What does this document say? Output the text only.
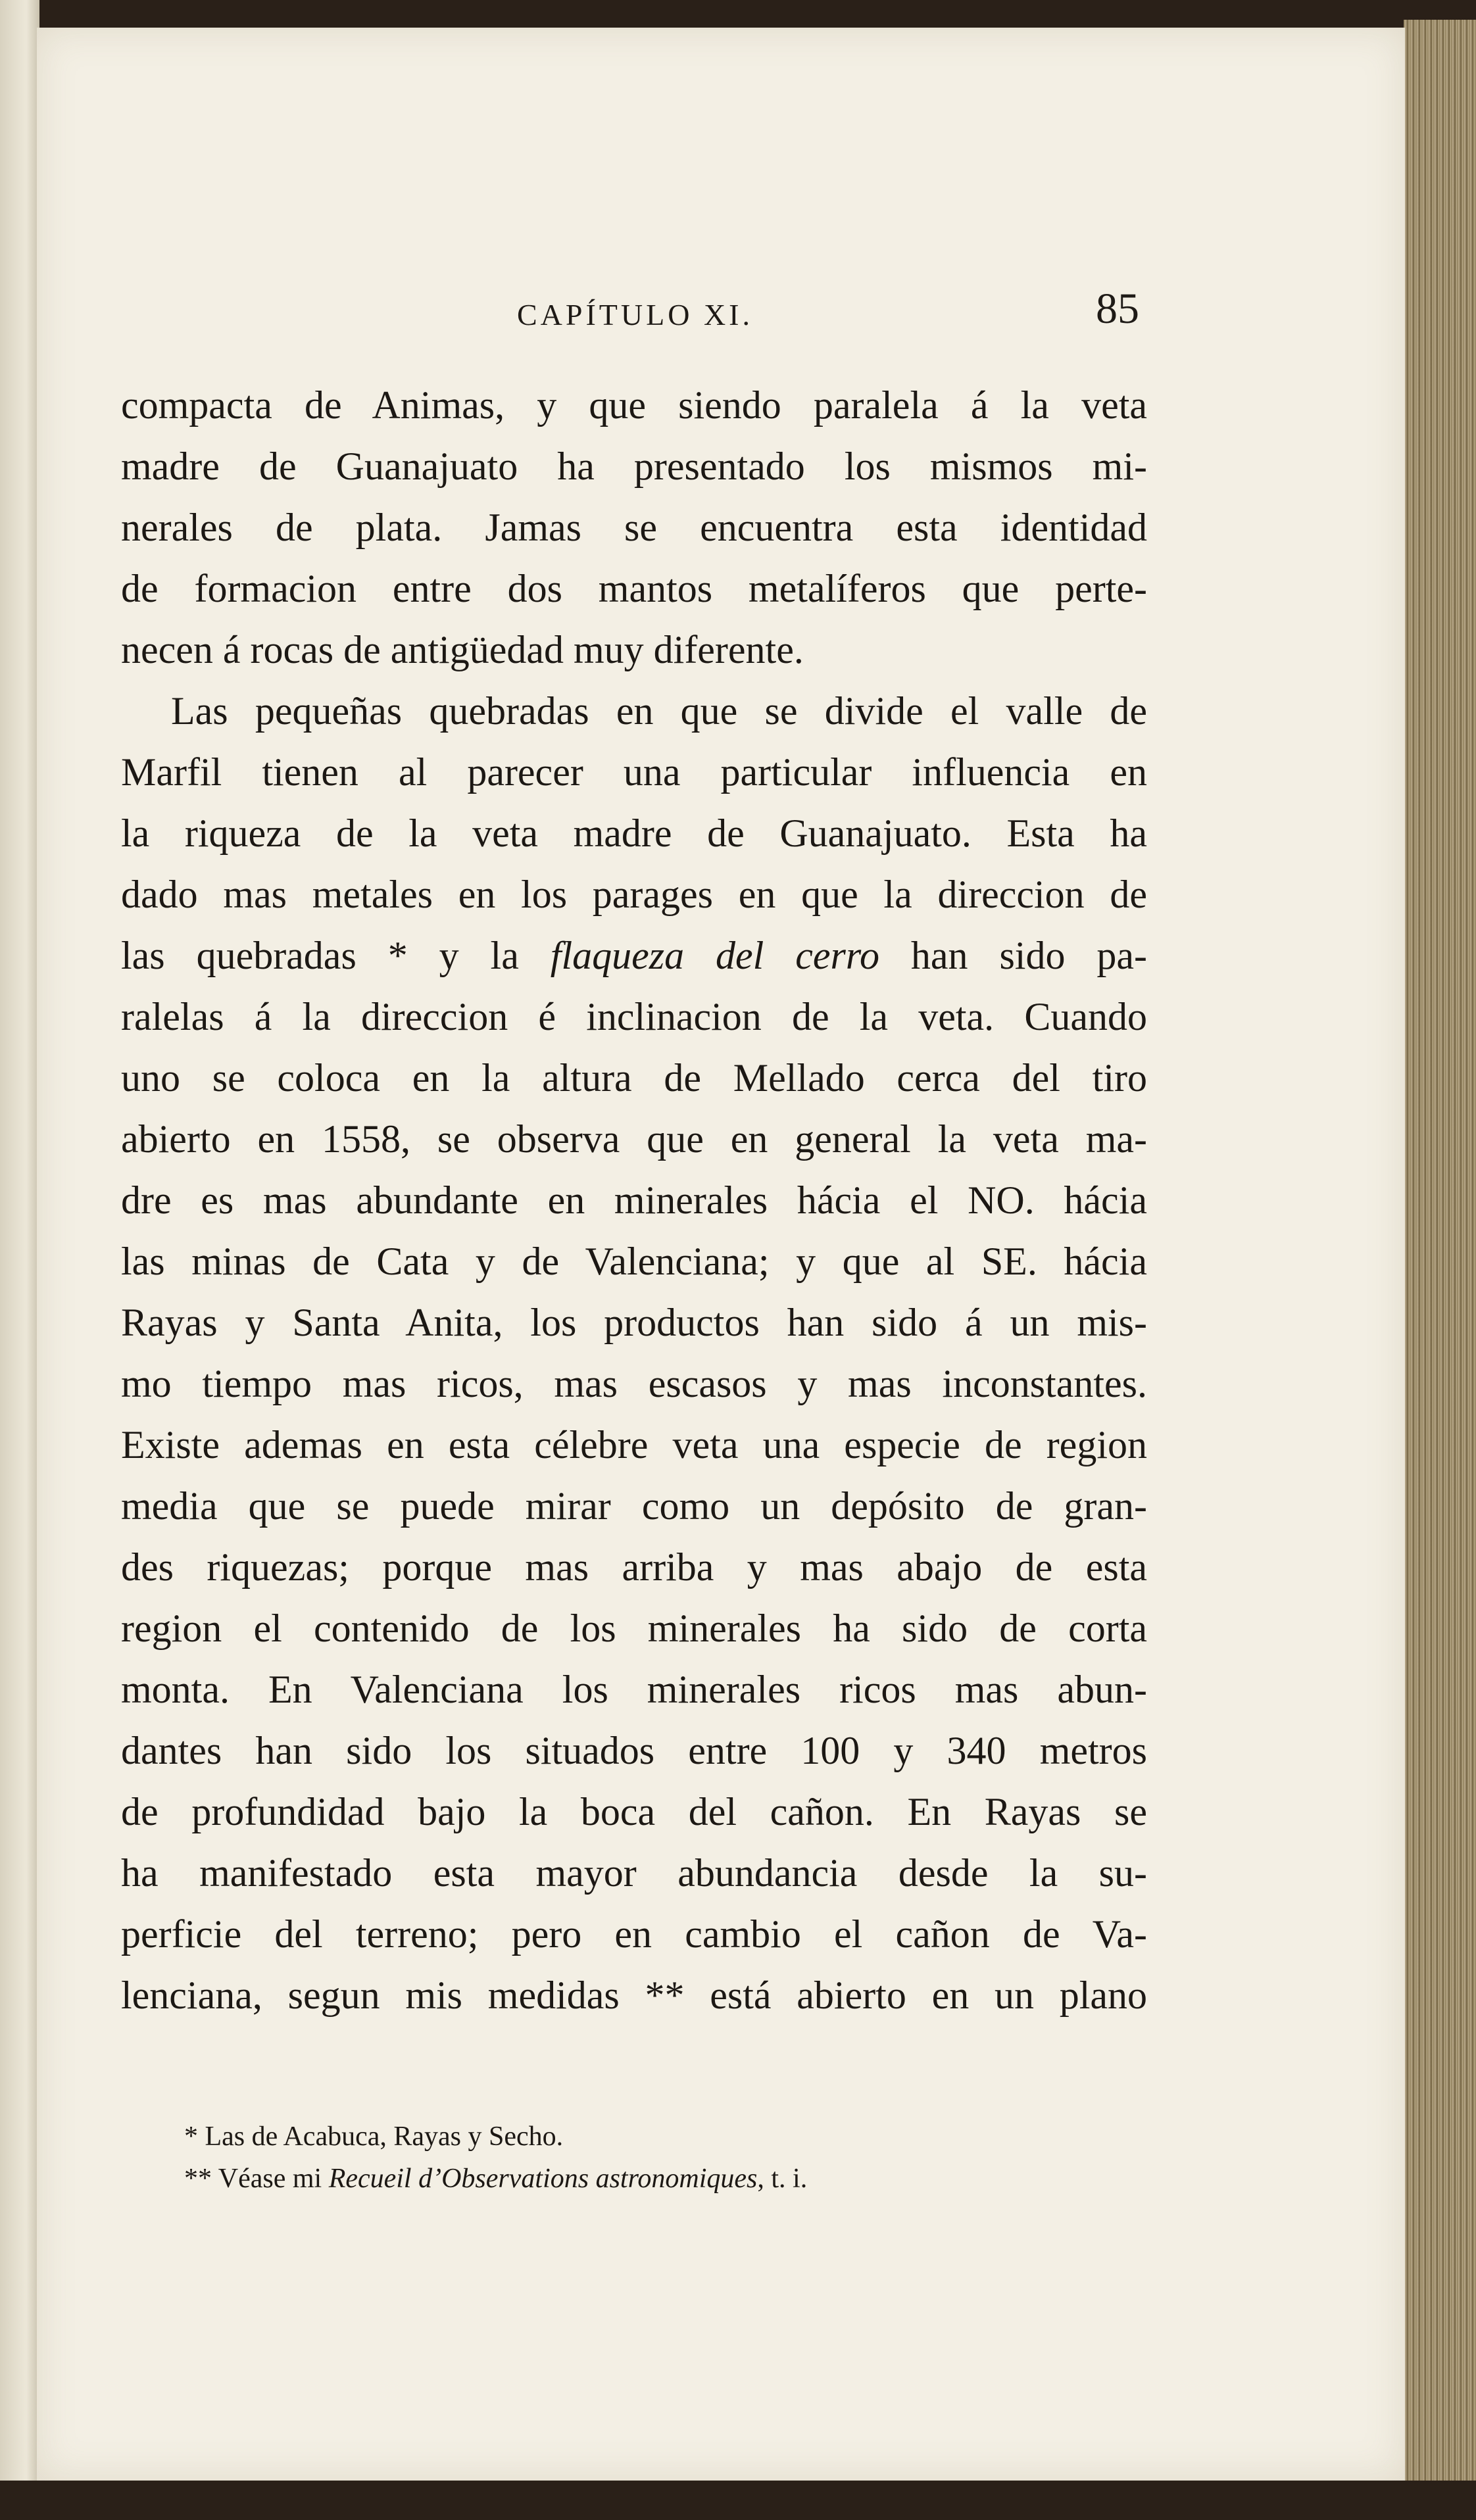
CAPÍTULO XI.	85
compacta de Animas, y que siendo paralela á la veta
madre de Guanajuato ha presentado los mismos mi-
nerales de plata. Jamas se encuentra esta identidad
de formacion entre dos mantos metalíferos que perte-
necen á rocas de antigüedad muy diferente.
Las pequeñas quebradas en que se divide el valle de
Marfil tienen al parecer una particular influencia en
la riqueza de la veta madre de Guanajuato. Esta ha
dado mas metales en los parages en que la direccion de
las quebradas * y la flaqueza del cerro han sido pa-
ralelas á la direccion é inclinacion de la veta. Cuando
uno se coloca en la altura de Mellado cerca del tiro
abierto en 1558, se observa que en general la veta ma-
dre es mas abundante en minerales hácia el NO. hácia
las minas de Cata y de Valenciana; y que al SE. hácia
Rayas y Santa Anita, los productos han sido á un mis-
mo tiempo mas ricos, mas escasos y mas inconstantes.
Existe ademas en esta célebre veta una especie de region
media que se puede mirar como un depósito de gran-
des riquezas; porque mas arriba y mas abajo de esta
region el contenido de los minerales ha sido de corta
monta. En Valenciana los minerales ricos mas abun-
dantes han sido los situados entre 100 y 340 metros
de profundidad bajo la boca del cañon. En Rayas se
ha manifestado esta mayor abundancia desde la su-
perficie del terreno; pero en cambio el cañon de Va-
lenciana, segun mis medidas ** está abierto en un plano
* Las de Acabuca, Rayas y Secho.
** Véase mi Recueil d’Observations astronomiques, t. i.
